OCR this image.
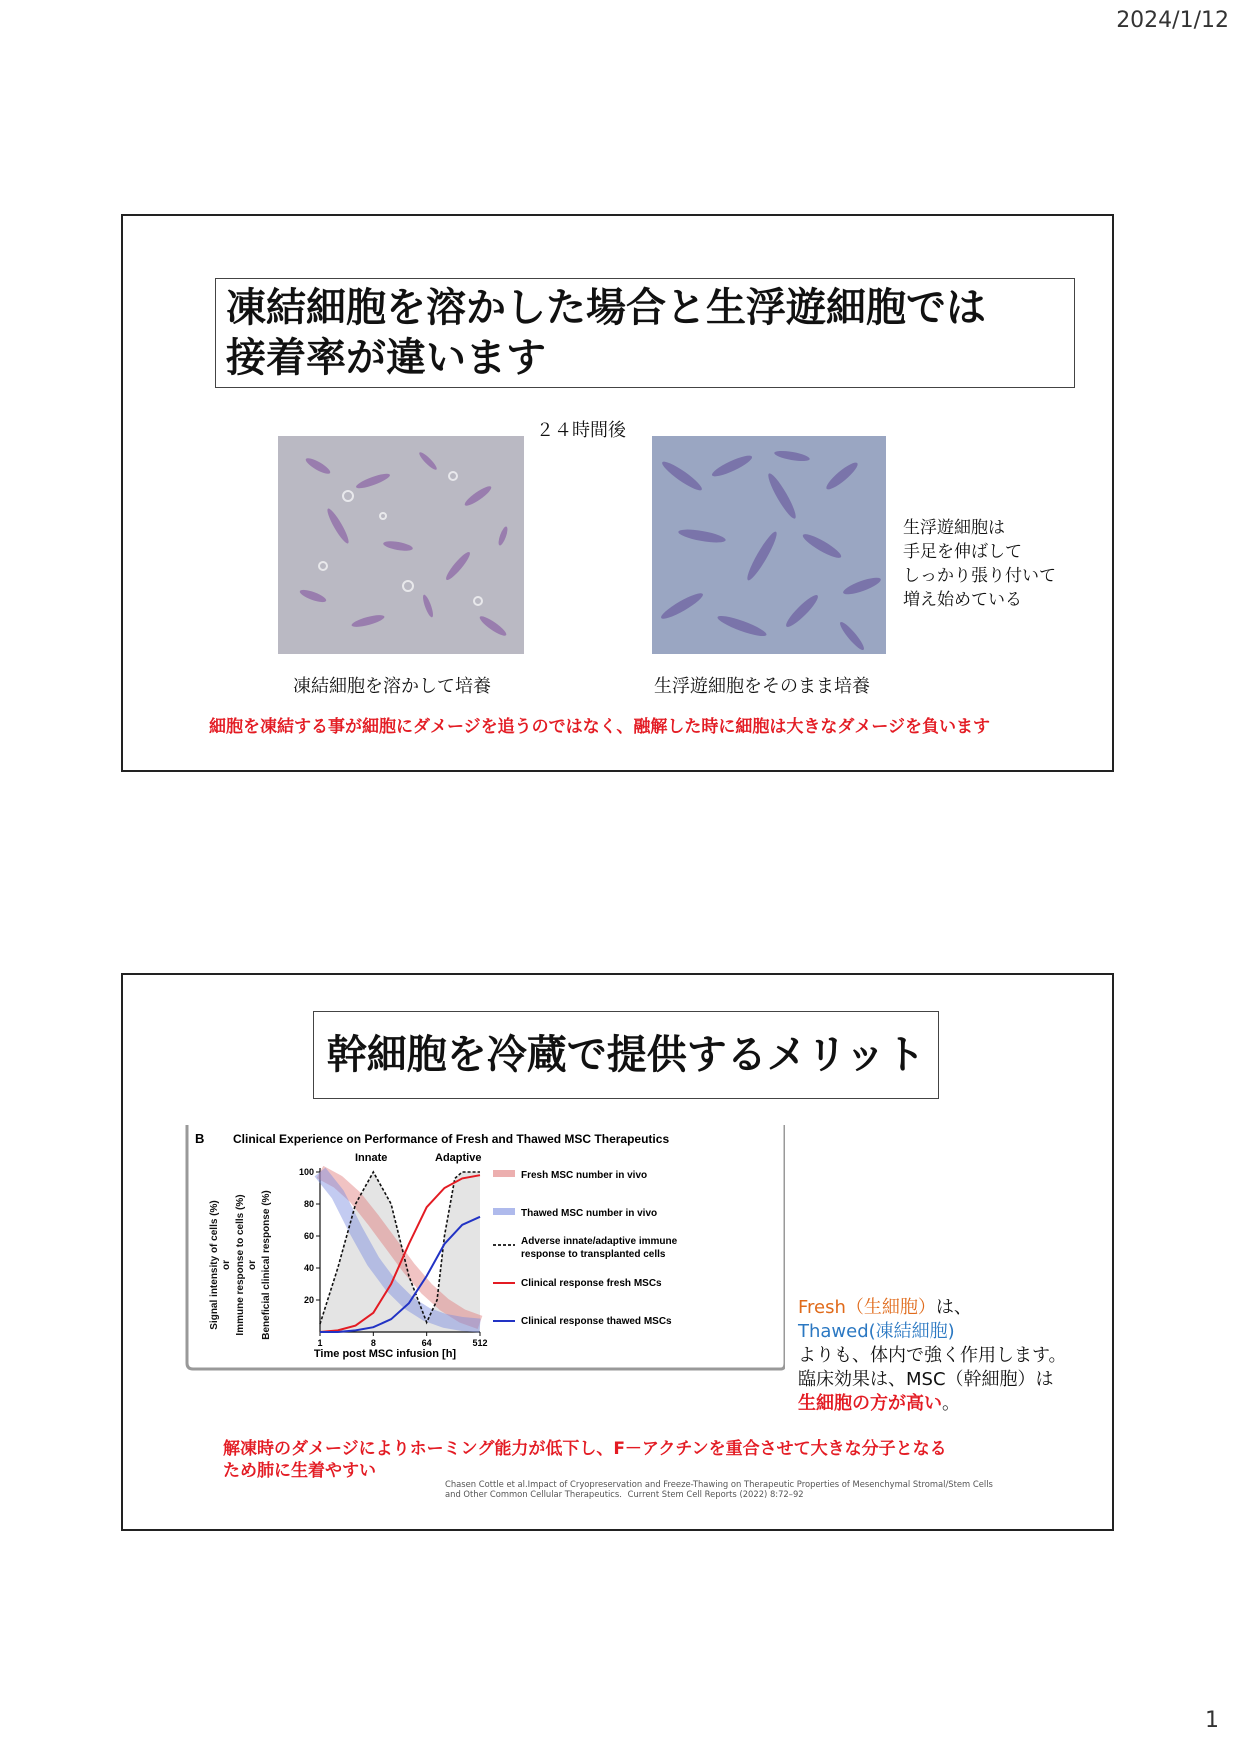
2024/1/12
凍結細胞を溶かした場合と生浮遊細胞では
接着率が違います
２４時間後
生浮遊細胞は
手足を伸ばして
しっかり張り付いて
増え始めている
凍結細胞を溶かして培養	生浮遊細胞をそのまま培養
細胞を凍結する事が細胞にダメージを追うのではなく、融解した時に細胞は大きなダメージを負います
幹細胞を冷蔵で提供するメリット
B Clinical Experience on Performance of Fresh and Thawed MSC Therapeutics
Innate	Adaptive
Signal intensity of cells (%) or Immune response to cells (%) or Beneficial clinical response (%)	20
40
60
80
100
1	8	64	512
Time post MSC infusion [h]
Fresh MSC number in vivo
Thawed MSC number in vivo
Adverse innate/adaptive immune response to transplanted cells
Clinical response fresh MSCs
Clinical response thawed MSCs
Fresh（生細胞）は、
Thawed(凍結細胞)
よりも、体内で強く作用します。
臨床効果は、MSC（幹細胞）は
生細胞の方が高い。
解凍時のダメージによりホーミング能力が低下し、F－アクチンを重合させて大きな分子となる
ため肺に生着やすい
Chasen Cottle et al.Impact of Cryopreservation and Freeze-Thawing on Therapeutic Properties of Mesenchymal Stromal/Stem Cells
and Other Common Cellular Therapeutics．Current Stem Cell Reports (2022) 8:72–92
1
